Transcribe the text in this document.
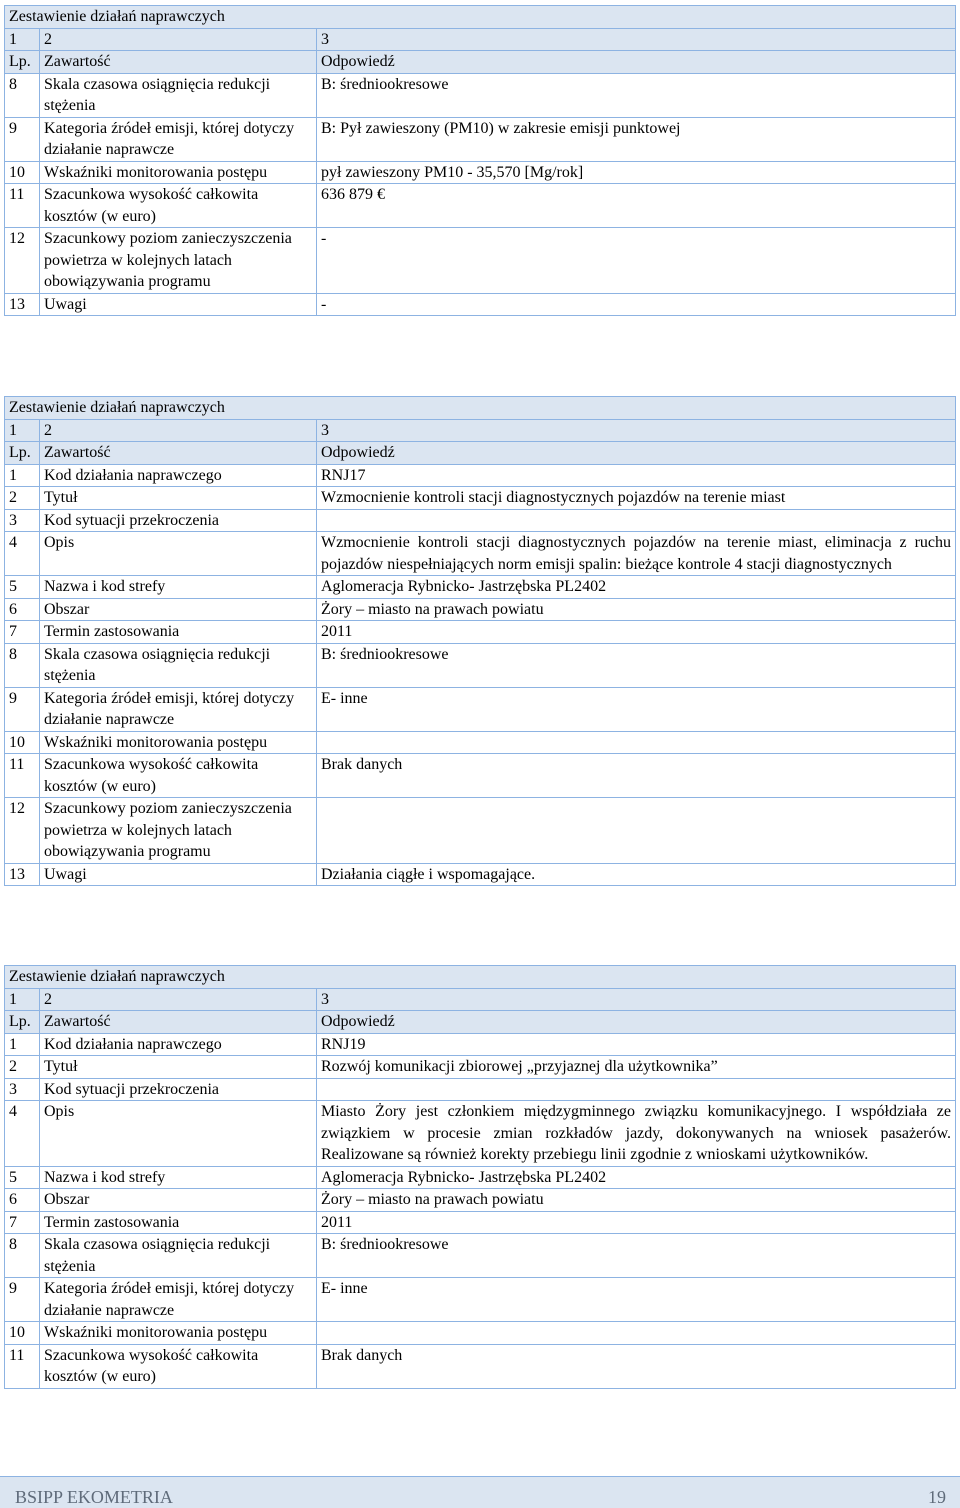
Zestawienie działań naprawczych		
1	2	3
Lp.	Zawartość	Odpowiedź
8	Skala czasowa osiągnięcia redukcji stężenia	B: średniookresowe
9	Kategoria źródeł emisji, której dotyczy działanie naprawcze	B: Pył zawieszony (PM10) w zakresie emisji punktowej
10	Wskaźniki monitorowania postępu	pył zawieszony PM10 - 35,570 [Mg/rok]
11	Szacunkowa wysokość całkowita kosztów (w euro)	636 879 €
12	Szacunkowy poziom zanieczyszczenia powietrza w kolejnych latach obowiązywania programu	-
13	Uwagi	-
Zestawienie działań naprawczych		
1	2	3
Lp.	Zawartość	Odpowiedź
1	Kod działania naprawczego	RNJ17
2	Tytuł	Wzmocnienie kontroli stacji diagnostycznych pojazdów na terenie miast
3	Kod sytuacji przekroczenia	
4	Opis	Wzmocnienie kontroli stacji diagnostycznych pojazdów na terenie miast, eliminacja z ruchu pojazdów niespełniających norm emisji spalin: bieżące kontrole 4 stacji diagnostycznych
5	Nazwa i kod strefy	Aglomeracja Rybnicko- Jastrzębska PL2402
6	Obszar	Żory – miasto na prawach powiatu
7	Termin zastosowania	2011
8	Skala czasowa osiągnięcia redukcji stężenia	B: średniookresowe
9	Kategoria źródeł emisji, której dotyczy działanie naprawcze	E- inne
10	Wskaźniki monitorowania postępu	
11	Szacunkowa wysokość całkowita kosztów (w euro)	Brak danych
12	Szacunkowy poziom zanieczyszczenia powietrza w kolejnych latach obowiązywania programu	
13	Uwagi	Działania ciągłe i wspomagające.
Zestawienie działań naprawczych		
1	2	3
Lp.	Zawartość	Odpowiedź
1	Kod działania naprawczego	RNJ19
2	Tytuł	Rozwój komunikacji zbiorowej „przyjaznej dla użytkownika”
3	Kod sytuacji przekroczenia	
4	Opis	Miasto Żory jest członkiem międzygminnego związku komunikacyjnego. I współdziała ze związkiem w procesie zmian rozkładów jazdy, dokonywanych na wniosek pasażerów. Realizowane są również korekty przebiegu linii zgodnie z wnioskami użytkowników.
5	Nazwa i kod strefy	Aglomeracja Rybnicko- Jastrzębska PL2402
6	Obszar	Żory – miasto na prawach powiatu
7	Termin zastosowania	2011
8	Skala czasowa osiągnięcia redukcji stężenia	B: średniookresowe
9	Kategoria źródeł emisji, której dotyczy działanie naprawcze	E- inne
10	Wskaźniki monitorowania postępu	
11	Szacunkowa wysokość całkowita kosztów (w euro)	Brak danych
BSIPP EKOMETRIA	19
